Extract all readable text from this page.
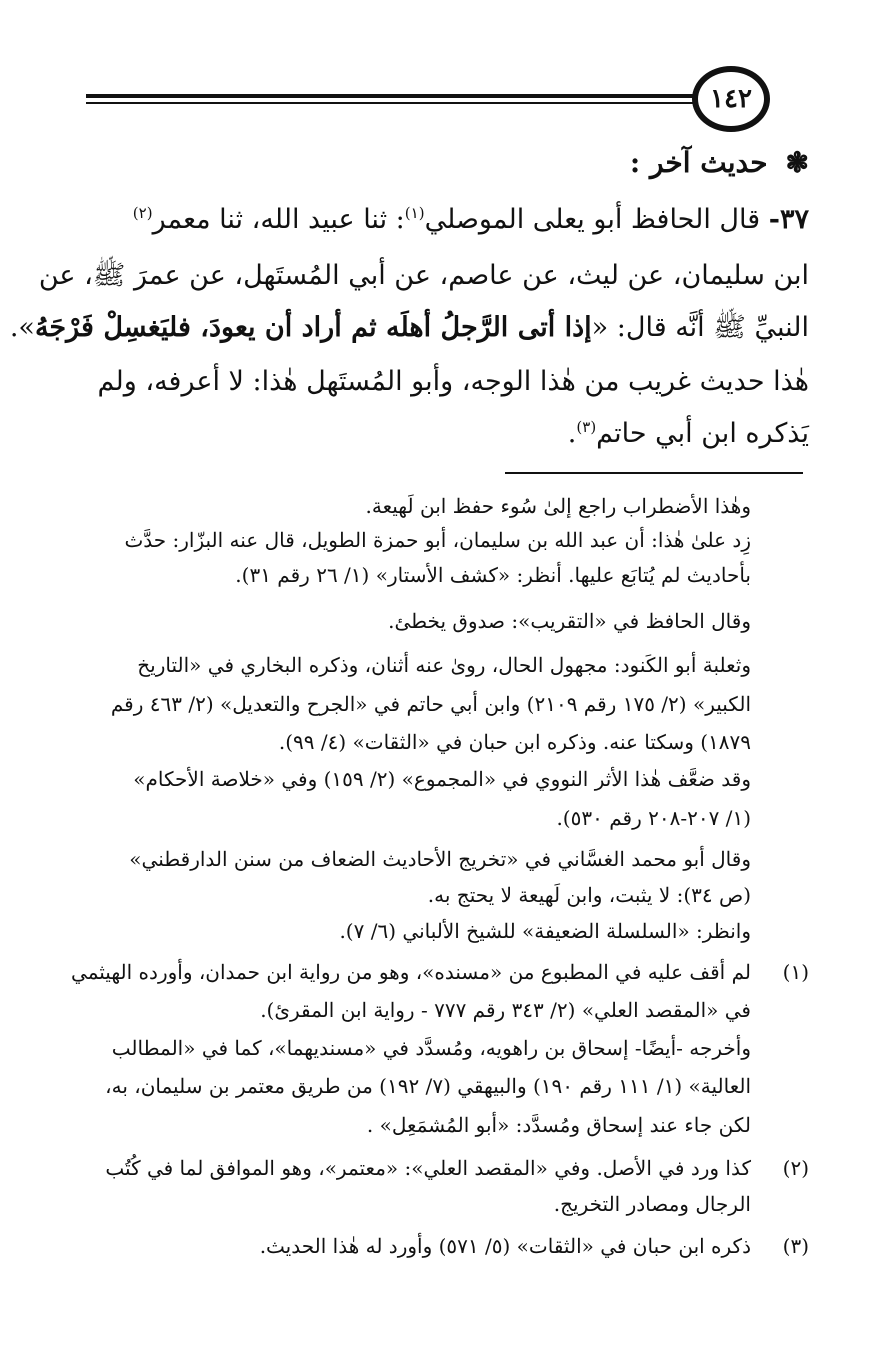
١٤٢
❃حديث آخر :
٣٧- قال الحافظ أبو يعلى الموصلي$^{(١)}$: ثنا عبيد الله، ثنا معمر$^{(٢)}$
ابن سليمان، عن ليث، عن عاصم، عن أبي المُستَهل، عن عمرَ ﷺ، عن
النبيِّ ﷺ أنَّه قال: «إذا أتى الرَّجلُ أهلَه ثم أراد أن يعودَ، فليَغسِلْ فَرْجَهُ».
هٰذا حديث غريب من هٰذا الوجه، وأبو المُستَهل هٰذا: لا أعرفه، ولم
يَذكره ابن أبي حاتم$^{(٣)}$.
وهٰذا الأضطراب راجع إلىٰ سُوء حفظ ابن لَهيعة.
زِد علىٰ هٰذا: أن عبد الله بن سليمان، أبو حمزة الطويل، قال عنه البزّار: حدَّث
بأحاديث لم يُتابَع عليها. أنظر: «كشف الأستار» (١/ ٢٦ رقم ٣١).
وقال الحافظ في «التقريب»: صدوق يخطئ.
وثعلبة أبو الكَنود: مجهول الحال، روىٰ عنه أثنان، وذكره البخاري في «التاريخ
الكبير» (٢/ ١٧٥ رقم ٢١٠٩) وابن أبي حاتم في «الجرح والتعديل» (٢/ ٤٦٣ رقم
١٨٧٩) وسكتا عنه. وذكره ابن حبان في «الثقات» (٤/ ٩٩).
وقد ضعَّف هٰذا الأثر النووي في «المجموع» (٢/ ١٥٩) وفي «خلاصة الأحكام»
(١/ ٢٠٧-٢٠٨ رقم ٥٣٠).
وقال أبو محمد الغسَّاني في «تخريج الأحاديث الضعاف من سنن الدارقطني»
(ص ٣٤): لا يثبت، وابن لَهيعة لا يحتج به.
وانظر: «السلسلة الضعيفة» للشيخ الألباني (٦/ ٧).
(١)
لم أقف عليه في المطبوع من «مسنده»، وهو من رواية ابن حمدان، وأورده الهيثمي
في «المقصد العلي» (٢/ ٣٤٣ رقم ٧٧٧ - رواية ابن المقرئ).
وأخرجه -أيضًا- إسحاق بن راهويه، ومُسدَّد في «مسنديهما»، كما في «المطالب
العالية» (١/ ١١١ رقم ١٩٠) والبيهقي (٧/ ١٩٢) من طريق معتمر بن سليمان، به،
لكن جاء عند إسحاق ومُسدَّد: «أبو المُشمَعِل» .
(٢)
كذا ورد في الأصل. وفي «المقصد العلي»: «معتمر»، وهو الموافق لما في كُتُب
الرجال ومصادر التخريج.
(٣)
ذكره ابن حبان في «الثقات» (٥/ ٥٧١) وأورد له هٰذا الحديث.
